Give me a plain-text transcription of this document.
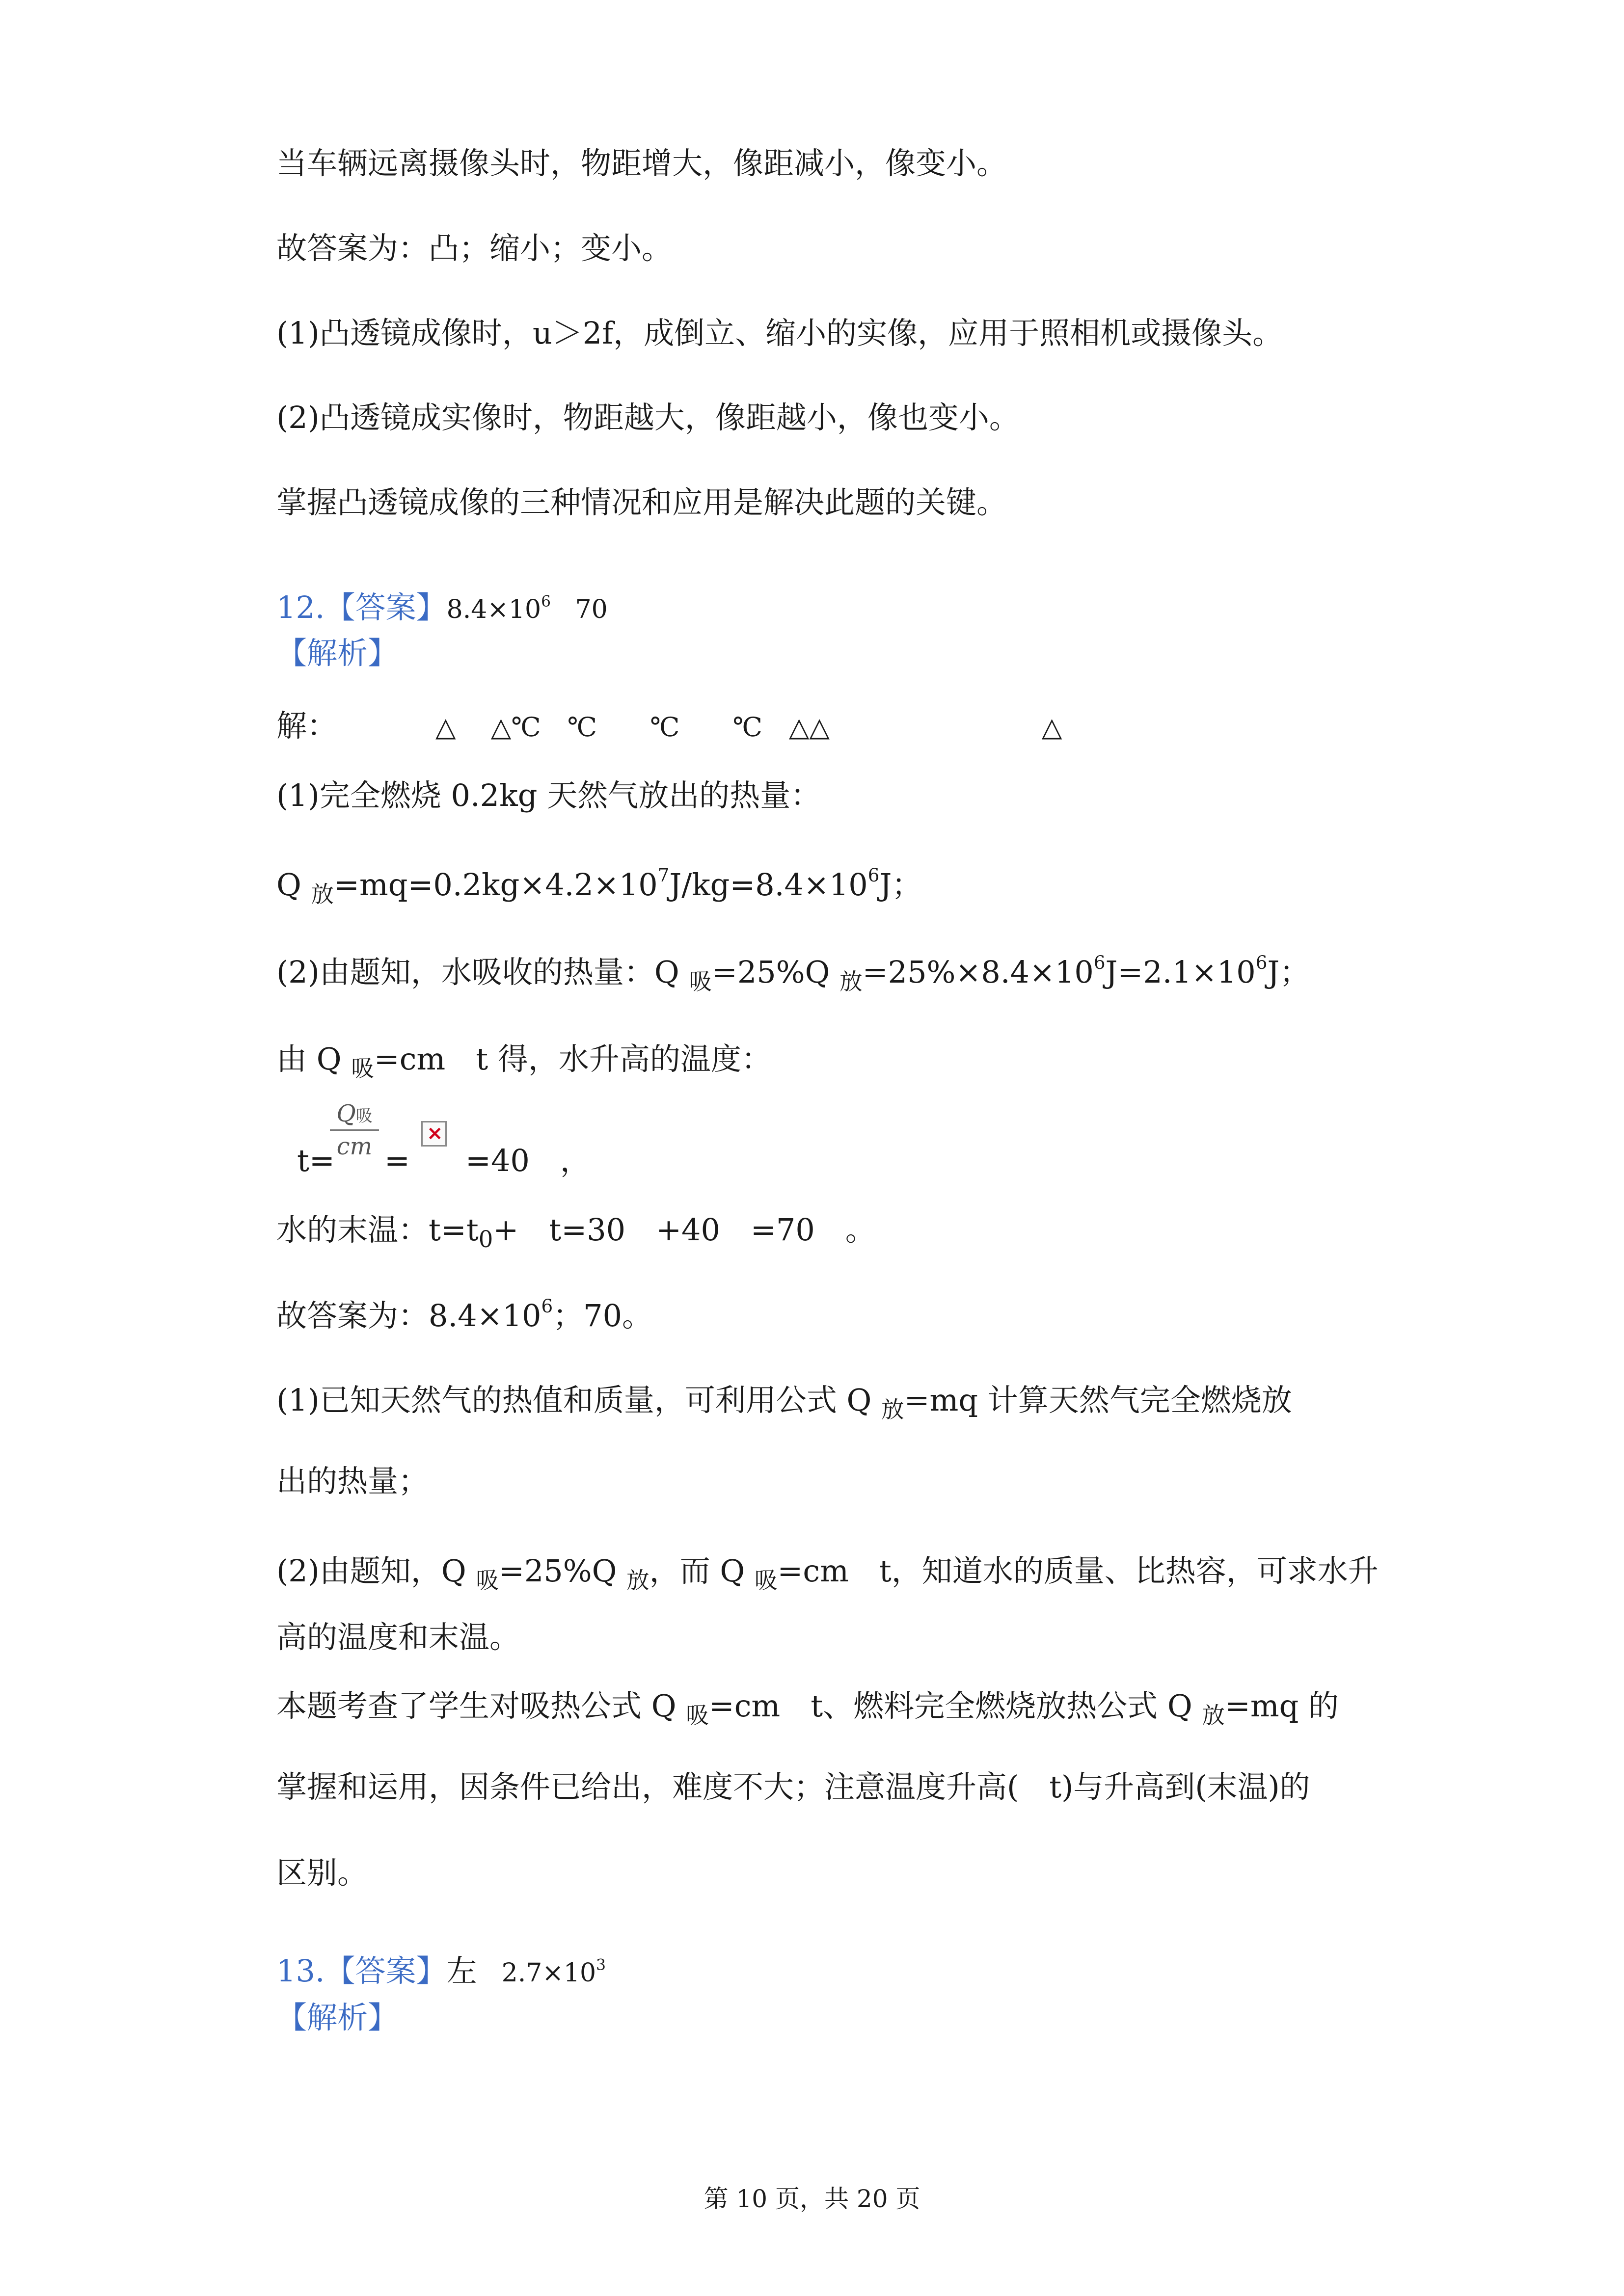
当车辆远离摄像头时，物距增大，像距减小，像变小。
故答案为：凸；缩小；变小。
(1)凸透镜成像时，u＞2f，成倒立、缩小的实像，应用于照相机或摄像头。
(2)凸透镜成实像时，物距越大，像距越小，像也变小。
掌握凸透镜成像的三种情况和应用是解决此题的关键。
12.【答案】$8.4\times 10^6$ 70
【解析】
解：	△　 △℃　℃　　℃　　℃　△△　　　　　　　　△
(1)完全燃烧 0.2kg 天然气放出的热量：
Q $_放=mq=0.2kg\times 4.2\times 10^7J/kg=8.4\times 10^6J$；
(2)由题知，水吸收的热量：Q $_吸$=25%Q $_放=25\%\times 8.4\times 10^6J=2.1\times 10^6J$；
由 Q $_吸$=cm　t 得，水升高的温度：
t=
Q吸
cm =
× =40　，
水的末温：$t=t_0+$　t=30　+40　=70　。
故答案为：$8.4\times 10^6$；70。
(1)已知天然气的热值和质量，可利用公式 Q $_放$=mq 计算天然气完全燃烧放
出的热量；
(2)由题知，Q $_吸$=25%Q $_放$，而 Q $_吸$=cm　t，知道水的质量、比热容，可求水升
高的温度和末温。
本题考查了学生对吸热公式 Q $_吸$=cm　t、燃料完全燃烧放热公式 Q $_放$=mq 的
掌握和运用，因条件已给出，难度不大；注意温度升高(　t)与升高到(末温)的
区别。
13.【答案】左 $2.7\times 10^3$
【解析】
第 10 页，共 20 页
